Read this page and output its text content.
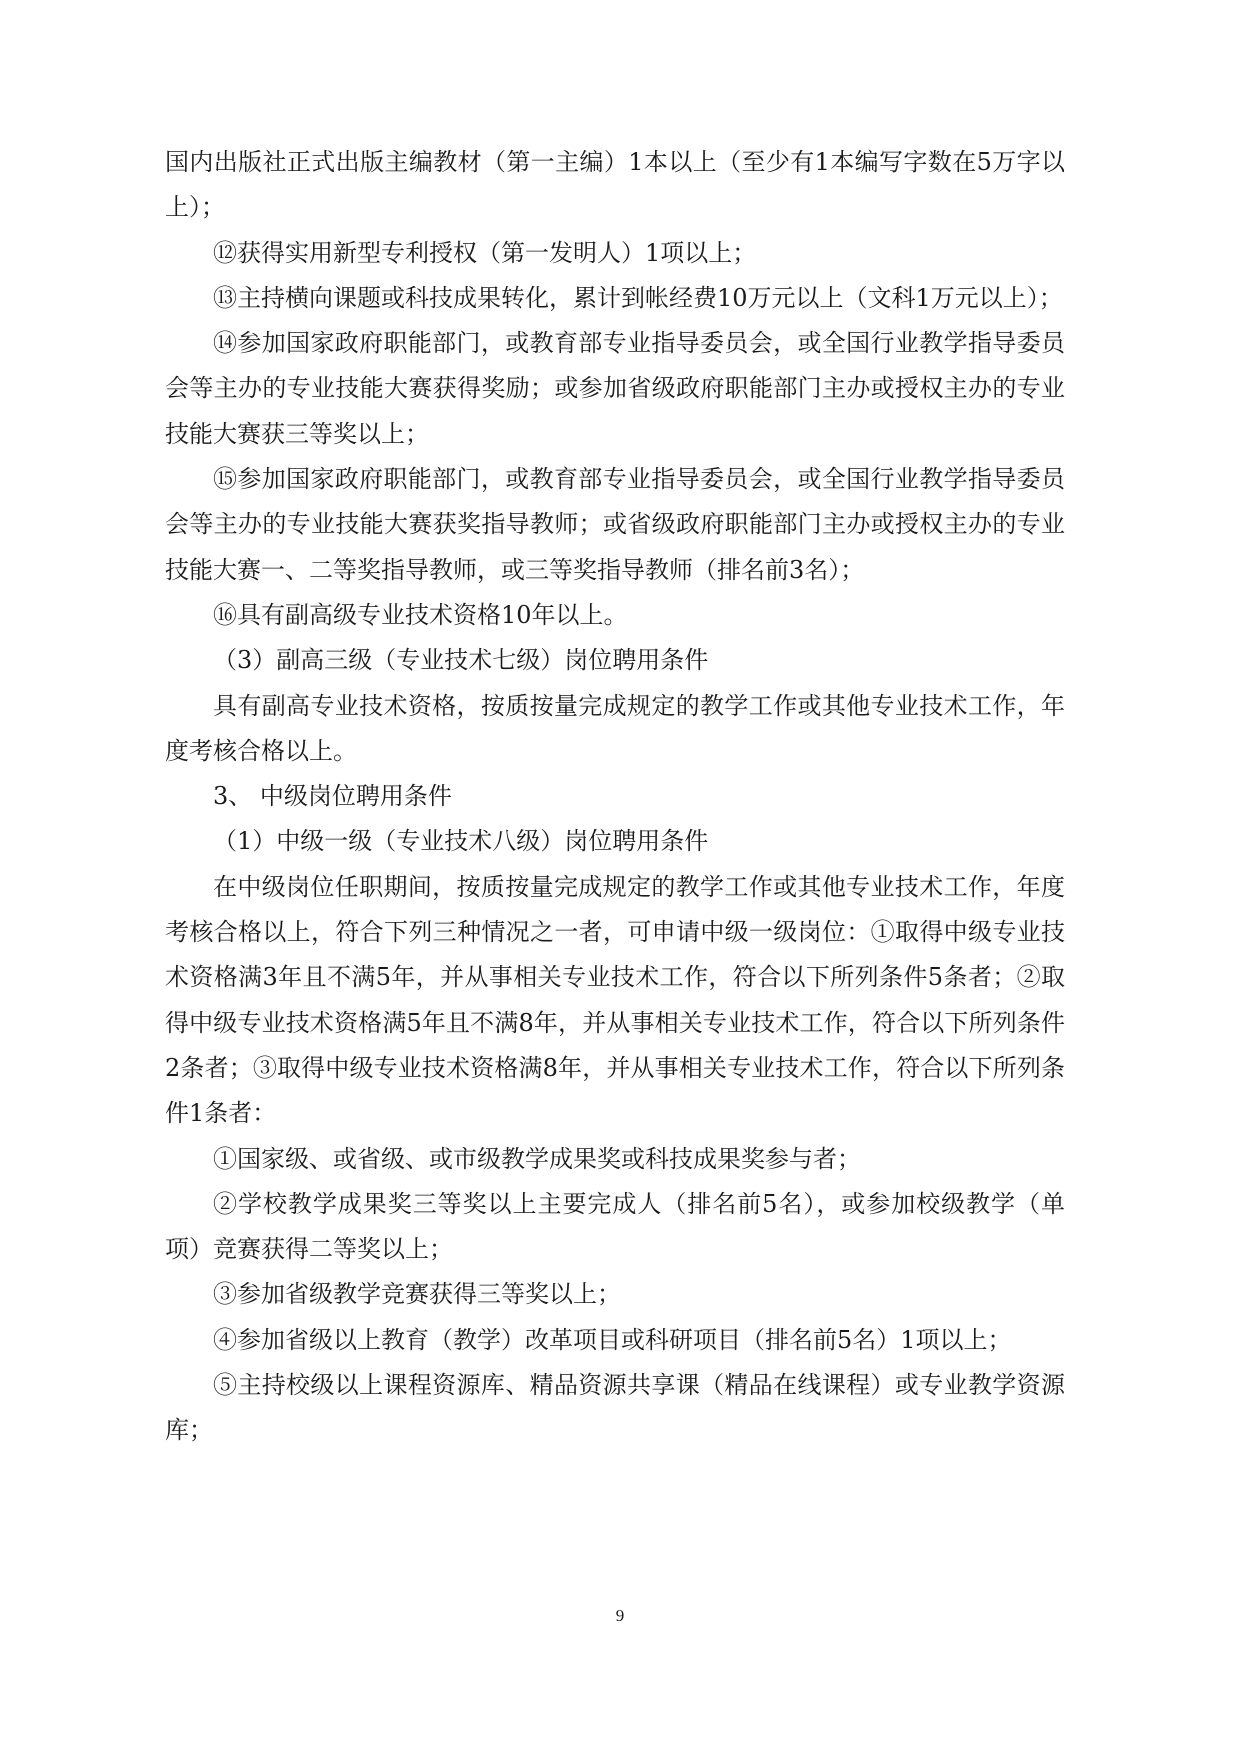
国内出版社正式出版主编教材（第一主编）1本以上（至少有1本编写字数在5万字以上）；

⑫获得实用新型专利授权（第一发明人）1项以上；

⑬主持横向课题或科技成果转化，累计到帐经费10万元以上（文科1万元以上）；

⑭参加国家政府职能部门，或教育部专业指导委员会，或全国行业教学指导委员会等主办的专业技能大赛获得奖励；或参加省级政府职能部门主办或授权主办的专业技能大赛获三等奖以上；

⑮参加国家政府职能部门，或教育部专业指导委员会，或全国行业教学指导委员会等主办的专业技能大赛获奖指导教师；或省级政府职能部门主办或授权主办的专业技能大赛一、二等奖指导教师，或三等奖指导教师（排名前3名）；

⑯具有副高级专业技术资格10年以上。

（3）副高三级（专业技术七级）岗位聘用条件

具有副高专业技术资格，按质按量完成规定的教学工作或其他专业技术工作，年度考核合格以上。

3、 中级岗位聘用条件

（1）中级一级（专业技术八级）岗位聘用条件

在中级岗位任职期间，按质按量完成规定的教学工作或其他专业技术工作，年度考核合格以上，符合下列三种情况之一者，可申请中级一级岗位：①取得中级专业技术资格满3年且不满5年，并从事相关专业技术工作，符合以下所列条件5条者；②取得中级专业技术资格满5年且不满8年，并从事相关专业技术工作，符合以下所列条件2条者；③取得中级专业技术资格满8年，并从事相关专业技术工作，符合以下所列条件1条者：

①国家级、或省级、或市级教学成果奖或科技成果奖参与者；

②学校教学成果奖三等奖以上主要完成人（排名前5名），或参加校级教学（单项）竞赛获得二等奖以上；

③参加省级教学竞赛获得三等奖以上；

④参加省级以上教育（教学）改革项目或科研项目（排名前5名）1项以上；

⑤主持校级以上课程资源库、精品资源共享课（精品在线课程）或专业教学资源库；

9
